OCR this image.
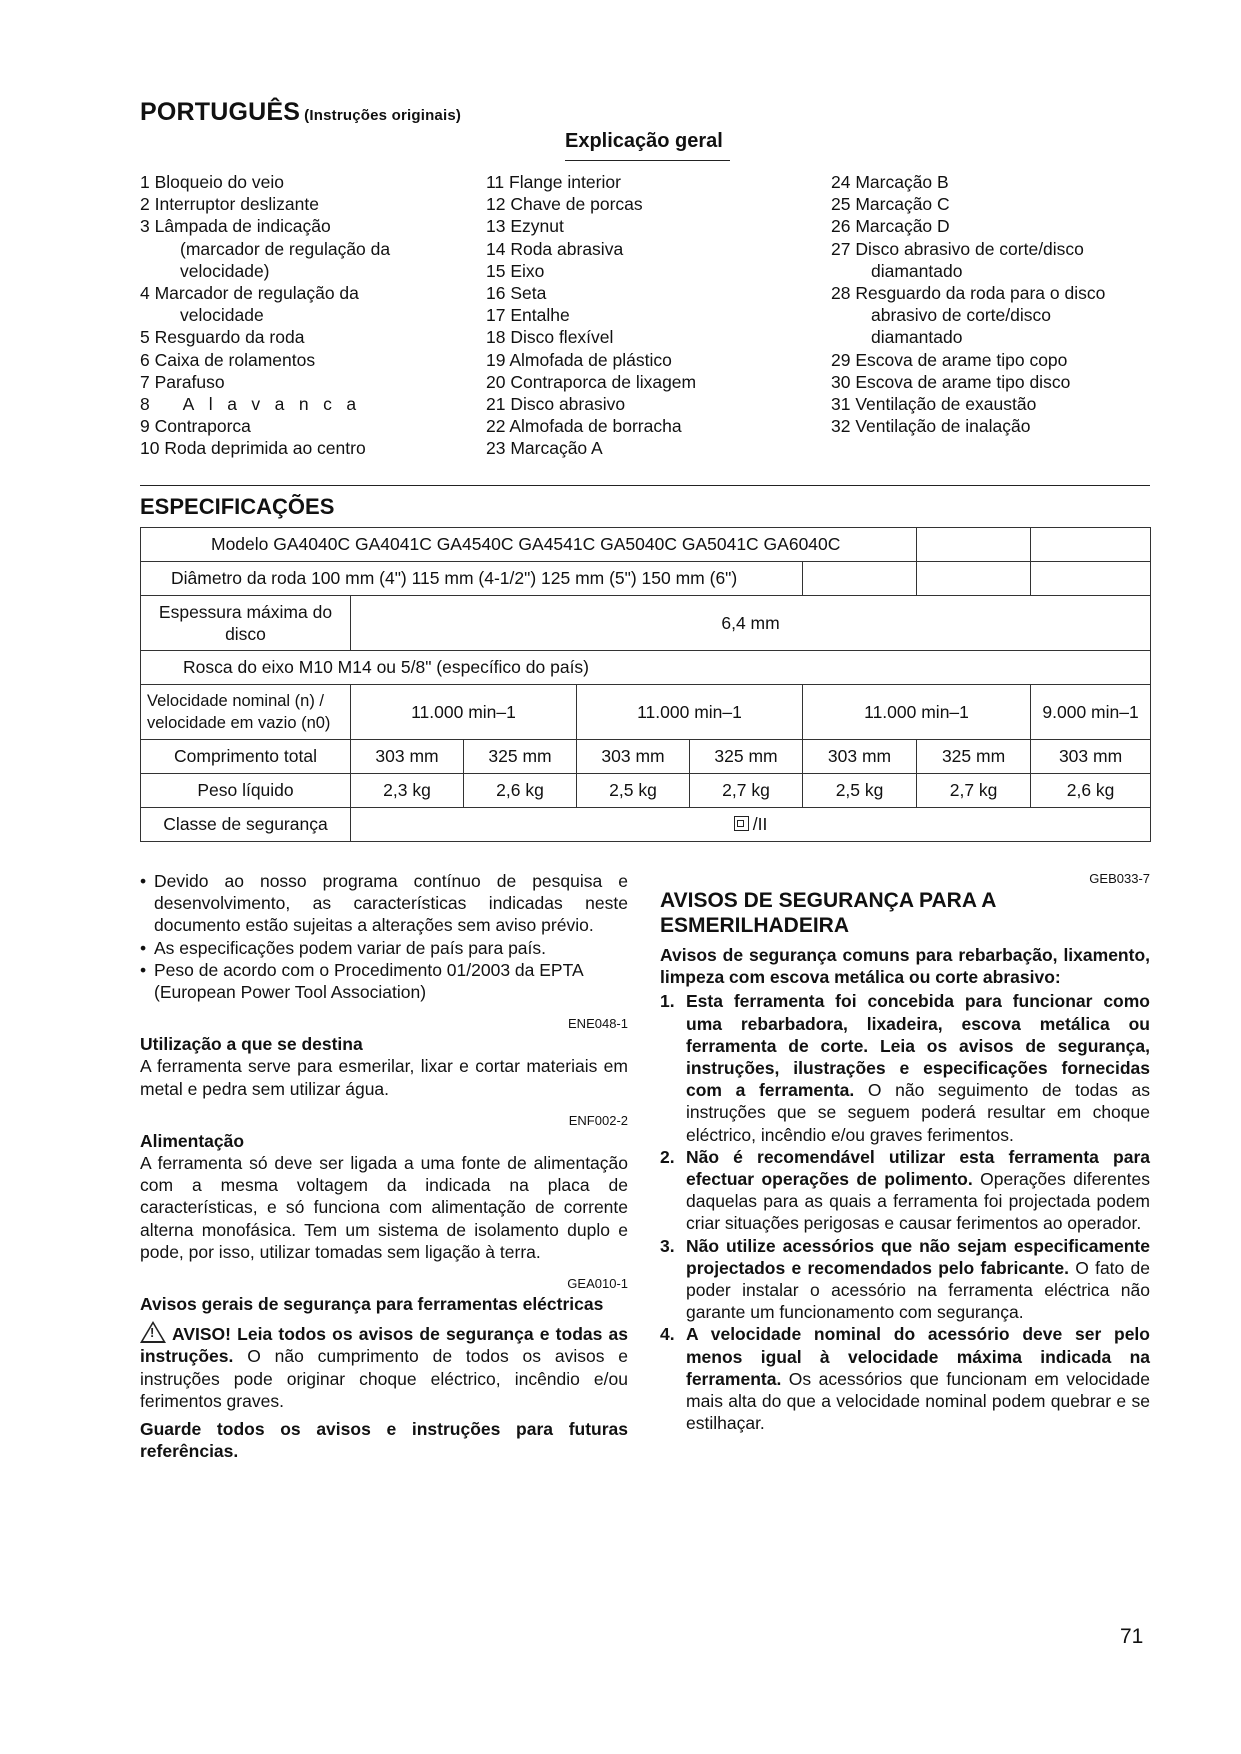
PORTUGUÊS (Instruções originais)
Explicação geral
1 Bloqueio do veio
2 Interruptor deslizante
3 Lâmpada de indicação
(marcador de regulação da
velocidade)
4 Marcador de regulação da
velocidade
5 Resguardo da roda
6 Caixa de rolamentos
7 Parafuso
8 Alavanca
9 Contraporca
10 Roda deprimida ao centro
11 Flange interior
12 Chave de porcas
13 Ezynut
14 Roda abrasiva
15 Eixo
16 Seta
17 Entalhe
18 Disco flexível
19 Almofada de plástico
20 Contraporca de lixagem
21 Disco abrasivo
22 Almofada de borracha
23 Marcação A
24 Marcação B
25 Marcação C
26 Marcação D
27 Disco abrasivo de corte/disco
diamantado
28 Resguardo da roda para o disco
abrasivo de corte/disco
diamantado
29 Escova de arame tipo copo
30 Escova de arame tipo disco
31 Ventilação de exaustão
32 Ventilação de inalação
ESPECIFICAÇÕES
Modelo GA4040C GA4041C GA4540C GA4541C GA5040C GA5041C GA6040C							
Diâmetro da roda 100 mm (4") 115 mm (4-1/2") 125 mm (5") 150 mm (6")							
Espessura máxima do disco	6,4 mm						
Rosca do eixo M10 M14 ou 5/8" (específico do país)							
Velocidade nominal (n) / velocidade em vazio (n0)	11.000 min–1		11.000 min–1		11.000 min–1		9.000 min–1
Comprimento total	303 mm	325 mm	303 mm	325 mm	303 mm	325 mm	303 mm
Peso líquido	2,3 kg	2,6 kg	2,5 kg	2,7 kg	2,5 kg	2,7 kg	2,6 kg
Classe de segurança	/II						
• Devido ao nosso programa contínuo de pesquisa e desenvolvimento, as características indicadas neste documento estão sujeitas a alterações sem aviso prévio.
• As especificações podem variar de país para país.
• Peso de acordo com o Procedimento 01/2003 da EPTA (European Power Tool Association)
ENE048-1
Utilização a que se destina
A ferramenta serve para esmerilar, lixar e cortar materiais em metal e pedra sem utilizar água.
ENF002-2
Alimentação
A ferramenta só deve ser ligada a uma fonte de alimentação com a mesma voltagem da indicada na placa de características, e só funciona com alimentação de corrente alterna monofásica. Tem um sistema de isolamento duplo e pode, por isso, utilizar tomadas sem ligação à terra.
GEA010-1
Avisos gerais de segurança para ferramentas eléctricas
!AVISO! Leia todos os avisos de segurança e todas as instruções. O não cumprimento de todos os avisos e instruções pode originar choque eléctrico, incêndio e/ou ferimentos graves.
Guarde todos os avisos e instruções para futuras referências.
GEB033-7
AVISOS DE SEGURANÇA PARA A ESMERILHADEIRA
Avisos de segurança comuns para rebarbação, lixamento, limpeza com escova metálica ou corte abrasivo:
1. Esta ferramenta foi concebida para funcionar como uma rebarbadora, lixadeira, escova metálica ou ferramenta de corte. Leia os avisos de segurança, instruções, ilustrações e especificações fornecidas com a ferramenta. O não seguimento de todas as instruções que se seguem poderá resultar em choque eléctrico, incêndio e/ou graves ferimentos.
2. Não é recomendável utilizar esta ferramenta para efectuar operações de polimento. Operações diferentes daquelas para as quais a ferramenta foi projectada podem criar situações perigosas e causar ferimentos ao operador.
3. Não utilize acessórios que não sejam especificamente projectados e recomendados pelo fabricante. O fato de poder instalar o acessório na ferramenta eléctrica não garante um funcionamento com segurança.
4. A velocidade nominal do acessório deve ser pelo menos igual à velocidade máxima indicada na ferramenta. Os acessórios que funcionam em velocidade mais alta do que a velocidade nominal podem quebrar e se estilhaçar.
71
